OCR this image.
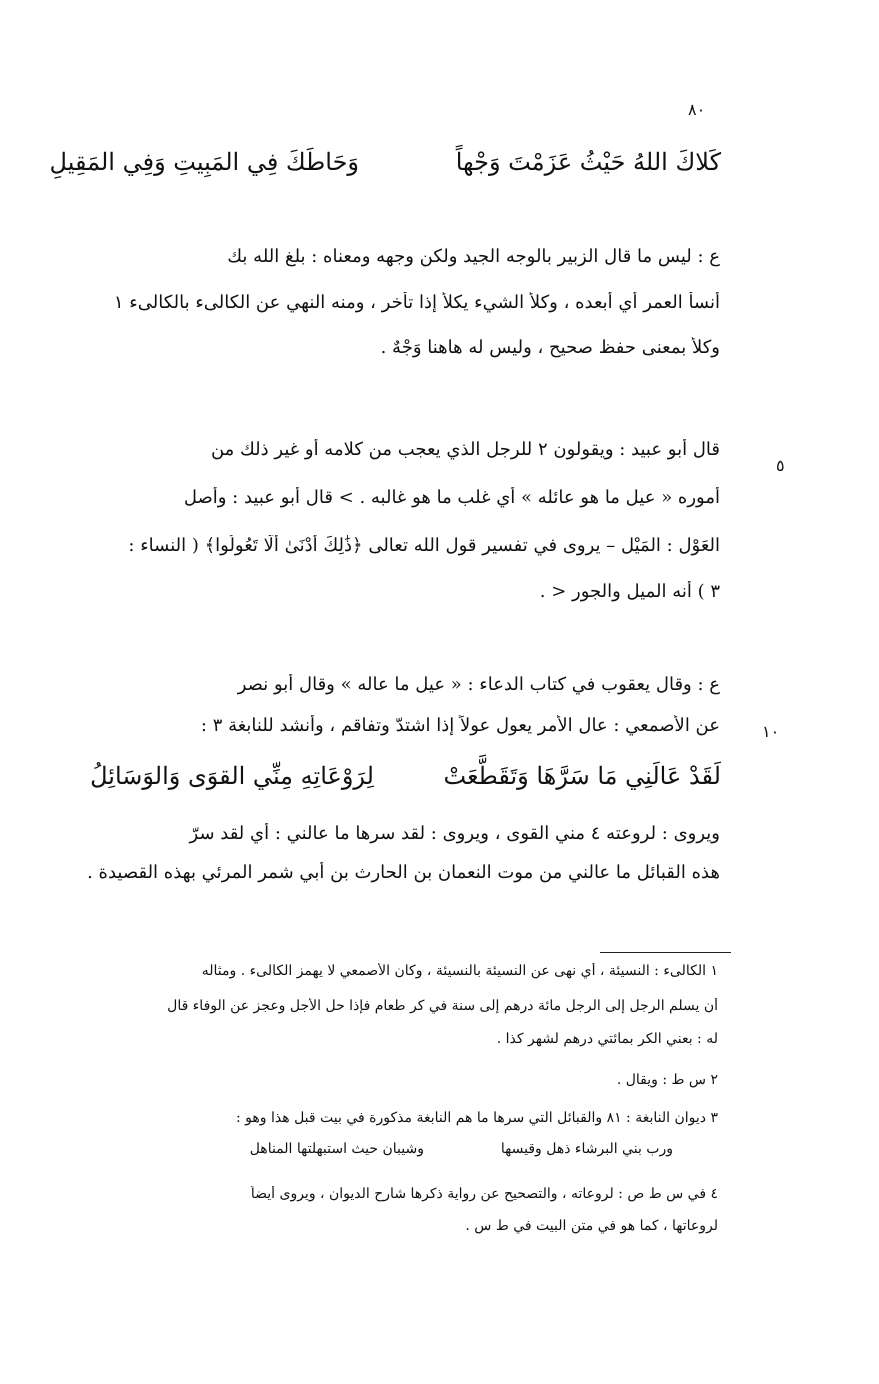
٨٠
كَلاكَ اللهُ حَيْثُ عَزَمْتَ وَجْهاً
وَحَاطَكَ فِي المَبِيتِ وَفِي المَقِيلِ
ع : ليس ما قال الزبير بالوجه الجيد ولكن وجهه ومعناه : بلغ الله بك
أنسأ العمر أي أبعده ، وكلأ الشيء يكلأ إذا تأخر ، ومنه النهي عن الكالىء بالكالىء ١
وكلأ بمعنى حفظ صحيح ، وليس له هاهنا وَجْهٌ .
٥
قال أبو عبيد : ويقولون ٢ للرجل الذي يعجب من كلامه أو غير ذلك من
أموره « عيل ما هو عائله » أي غلب ما هو غالبه . > قال أبو عبيد : وأصل
العَوْل : المَيْل – يروى في تفسير قول الله تعالى ﴿ذَٰلِكَ أَدْنَىٰ أَلَّا تَعُولُوا﴾ ( النساء :
٣ ) أنه الميل والجور < .
ع : وقال يعقوب في كتاب الدعاء : « عيل ما عاله » وقال أبو نصر
١٠
عن الأصمعي : عال الأمر يعول عولاً إذا اشتدّ وتفاقم ، وأنشد للنابغة ٣ :
لَقَدْ عَالَنِي مَا سَرَّهَا وَتَقَطَّعَتْ
لِرَوْعَاتِهِ مِنِّي القوَى وَالوَسَائِلُ
ويروى : لروعته ٤ مني القوى ، ويروى : لقد سرها ما عالني : أي لقد سرّ
هذه القبائل ما عالني من موت النعمان بن الحارث بن أبي شمر المرئي بهذه القصيدة .
١ الكالىء : النسيئة ، أي نهى عن النسيئة بالنسيئة ، وكان الأصمعي لا يهمز الكالىء . ومثاله
أن يسلم الرجل إلى الرجل مائة درهم إلى سنة في كر طعام فإذا حل الأجل وعجز عن الوفاء قال
له : بعني الكر بمائتي درهم لشهر كذا .
٢ س ط : ويقال .
٣ ديوان النابغة : ٨١ والقبائل التي سرها ما هم النابغة مذكورة في بيت قبل هذا وهو :
ورب بني البرشاء ذهل وقيسها
وشيبان حيث استبهلتها المناهل
٤ في س ط ص : لروعاته ، والتصحيح عن رواية ذكرها شارح الديوان ، ويروى أيضاً
لروعاتها ، كما هو في متن البيت في ط س .
